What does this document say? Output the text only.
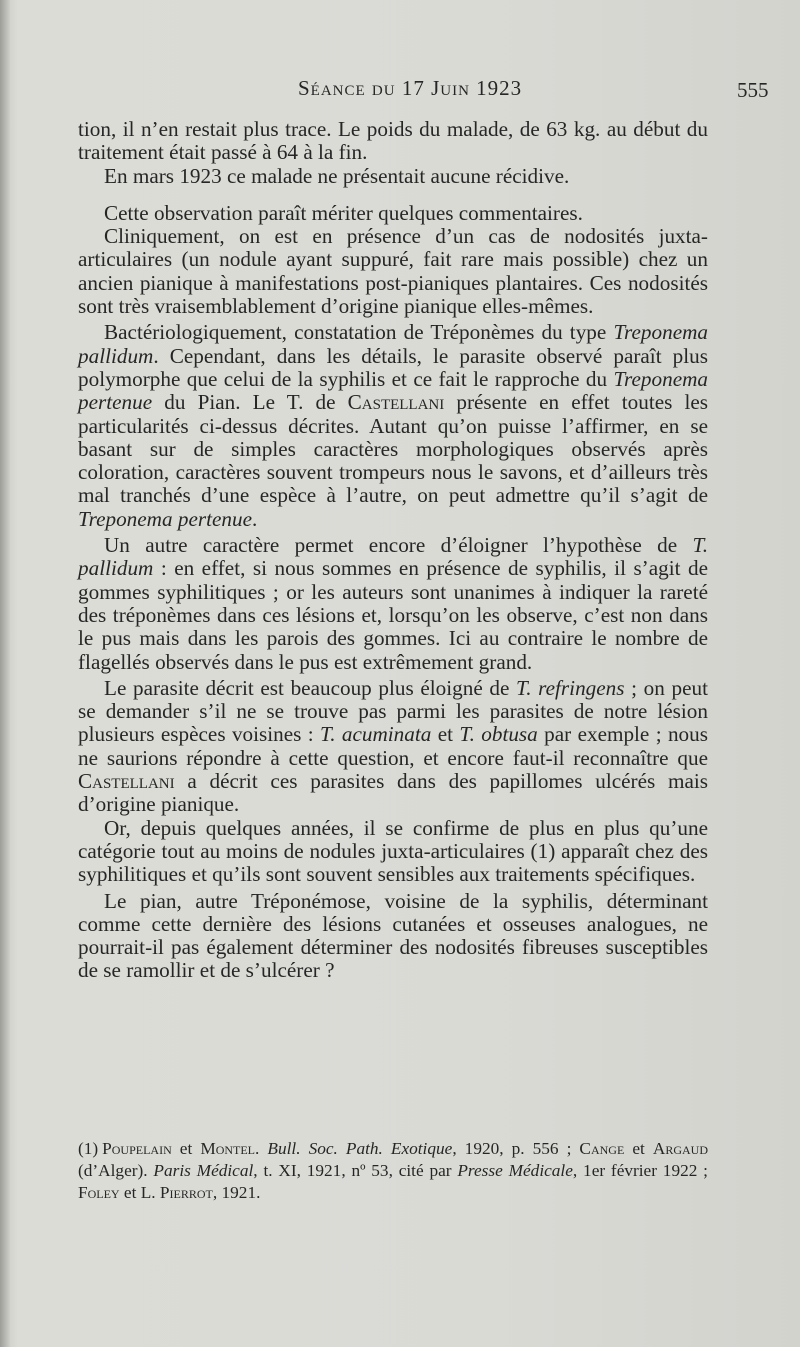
Séance du 17 Juin 1923	555

tion, il n’en restait plus trace. Le poids du malade, de 63 kg. au début du traitement était passé à 64 à la fin.

En mars 1923 ce malade ne présentait aucune récidive.

Cette observation paraît mériter quelques commentaires.

Cliniquement, on est en présence d’un cas de nodosités juxta-articulaires (un nodule ayant suppuré, fait rare mais possible) chez un ancien pianique à manifestations post-pianiques plantaires. Ces nodosités sont très vraisemblablement d’origine pianique elles-mêmes.

Bactériologiquement, constatation de Tréponèmes du type Treponema pallidum. Cependant, dans les détails, le parasite observé paraît plus polymorphe que celui de la syphilis et ce fait le rapproche du Treponema pertenue du Pian. Le T. de Castellani présente en effet toutes les particularités ci-dessus décrites. Autant qu’on puisse l’affirmer, en se basant sur de simples caractères morphologiques observés après coloration, caractères souvent trompeurs nous le savons, et d’ailleurs très mal tranchés d’une espèce à l’autre, on peut admettre qu’il s’agit de Treponema pertenue.

Un autre caractère permet encore d’éloigner l’hypothèse de T. pallidum : en effet, si nous sommes en présence de syphilis, il s’agit de gommes syphilitiques ; or les auteurs sont unanimes à indiquer la rareté des tréponèmes dans ces lésions et, lorsqu’on les observe, c’est non dans le pus mais dans les parois des gommes. Ici au contraire le nombre de flagellés observés dans le pus est extrêmement grand.

Le parasite décrit est beaucoup plus éloigné de T. refringens ; on peut se demander s’il ne se trouve pas parmi les parasites de notre lésion plusieurs espèces voisines : T. acuminata et T. obtusa par exemple ; nous ne saurions répondre à cette question, et encore faut-il reconnaître que Castellani a décrit ces parasites dans des papillomes ulcérés mais d’origine pianique.

Or, depuis quelques années, il se confirme de plus en plus qu’une catégorie tout au moins de nodules juxta-articulaires (1) apparaît chez des syphilitiques et qu’ils sont souvent sensibles aux traitements spécifiques.

Le pian, autre Tréponémose, voisine de la syphilis, déterminant comme cette dernière des lésions cutanées et osseuses analogues, ne pourrait-il pas également déterminer des nodosités fibreuses susceptibles de se ramollir et de s’ulcérer ?

(1) Poupelain et Montel. Bull. Soc. Path. Exotique, 1920, p. 556 ; Cange et Argaud (d’Alger). Paris Médical, t. XI, 1921, nº 53, cité par Presse Médicale, 1er février 1922 ; Foley et L. Pierrot, 1921.
